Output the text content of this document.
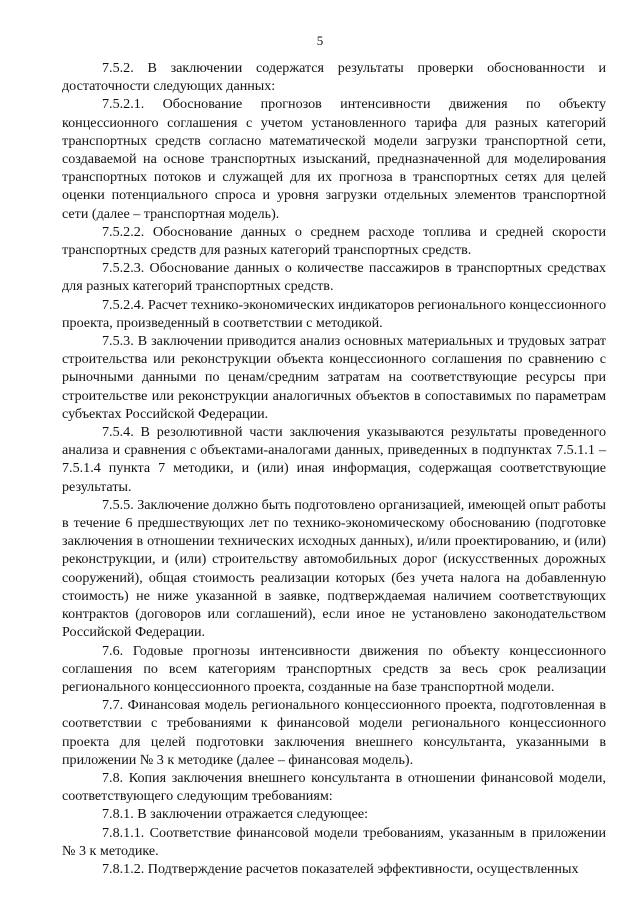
5

7.5.2. В заключении содержатся результаты проверки обоснованности и достаточности следующих данных:

7.5.2.1. Обоснование прогнозов интенсивности движения по объекту концессионного соглашения с учетом установленного тарифа для разных категорий транспортных средств согласно математической модели загрузки транспортной сети, создаваемой на основе транспортных изысканий, предназначенной для моделирования транспортных потоков и служащей для их прогноза в транспортных сетях для целей оценки потенциального спроса и уровня загрузки отдельных элементов транспортной сети (далее – транспортная модель).

7.5.2.2. Обоснование данных о среднем расходе топлива и средней скорости транспортных средств для разных категорий транспортных средств.

7.5.2.3. Обоснование данных о количестве пассажиров в транспортных средствах для разных категорий транспортных средств.

7.5.2.4. Расчет технико-экономических индикаторов регионального концессионного проекта, произведенный в соответствии с методикой.

7.5.3. В заключении приводится анализ основных материальных и трудовых затрат строительства или реконструкции объекта концессионного соглашения по сравнению с рыночными данными по ценам/средним затратам на соответствующие ресурсы при строительстве или реконструкции аналогичных объектов в сопоставимых по параметрам субъектах Российской Федерации.

7.5.4. В резолютивной части заключения указываются результаты проведенного анализа и сравнения с объектами-аналогами данных, приведенных в подпунктах 7.5.1.1 – 7.5.1.4 пункта 7 методики, и (или) иная информация, содержащая соответствующие результаты.

7.5.5. Заключение должно быть подготовлено организацией, имеющей опыт работы в течение 6 предшествующих лет по технико-экономическому обоснованию (подготовке заключения в отношении технических исходных данных), и/или проектированию, и (или) реконструкции, и (или) строительству автомобильных дорог (искусственных дорожных сооружений), общая стоимость реализации которых (без учета налога на добавленную стоимость) не ниже указанной в заявке, подтверждаемая наличием соответствующих контрактов (договоров или соглашений), если иное не установлено законодательством Российской Федерации.

7.6. Годовые прогнозы интенсивности движения по объекту концессионного соглашения по всем категориям транспортных средств за весь срок реализации регионального концессионного проекта, созданные на базе транспортной модели.

7.7. Финансовая модель регионального концессионного проекта, подготовленная в соответствии с требованиями к финансовой модели регионального концессионного проекта для целей подготовки заключения внешнего консультанта, указанными в приложении № 3 к методике (далее – финансовая модель).

7.8. Копия заключения внешнего консультанта в отношении финансовой модели, соответствующего следующим требованиям:

7.8.1. В заключении отражается следующее:

7.8.1.1. Соответствие финансовой модели требованиям, указанным в приложении № 3 к методике.

7.8.1.2. Подтверждение расчетов показателей эффективности, осуществленных
